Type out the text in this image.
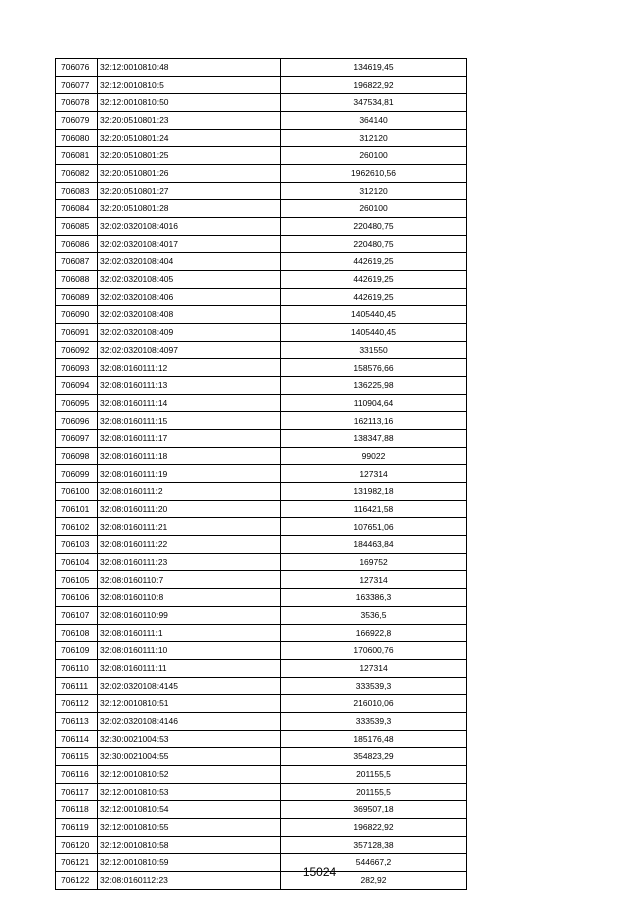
706076	32:12:0010810:48	134619,45
706077	32:12:0010810:5	196822,92
706078	32:12:0010810:50	347534,81
706079	32:20:0510801:23	364140
706080	32:20:0510801:24	312120
706081	32:20:0510801:25	260100
706082	32:20:0510801:26	1962610,56
706083	32:20:0510801:27	312120
706084	32:20:0510801:28	260100
706085	32:02:0320108:4016	220480,75
706086	32:02:0320108:4017	220480,75
706087	32:02:0320108:404	442619,25
706088	32:02:0320108:405	442619,25
706089	32:02:0320108:406	442619,25
706090	32:02:0320108:408	1405440,45
706091	32:02:0320108:409	1405440,45
706092	32:02:0320108:4097	331550
706093	32:08:0160111:12	158576,66
706094	32:08:0160111:13	136225,98
706095	32:08:0160111:14	110904,64
706096	32:08:0160111:15	162113,16
706097	32:08:0160111:17	138347,88
706098	32:08:0160111:18	99022
706099	32:08:0160111:19	127314
706100	32:08:0160111:2	131982,18
706101	32:08:0160111:20	116421,58
706102	32:08:0160111:21	107651,06
706103	32:08:0160111:22	184463,84
706104	32:08:0160111:23	169752
706105	32:08:0160110:7	127314
706106	32:08:0160110:8	163386,3
706107	32:08:0160110:99	3536,5
706108	32:08:0160111:1	166922,8
706109	32:08:0160111:10	170600,76
706110	32:08:0160111:11	127314
706111	32:02:0320108:4145	333539,3
706112	32:12:0010810:51	216010,06
706113	32:02:0320108:4146	333539,3
706114	32:30:0021004:53	185176,48
706115	32:30:0021004:55	354823,29
706116	32:12:0010810:52	201155,5
706117	32:12:0010810:53	201155,5
706118	32:12:0010810:54	369507,18
706119	32:12:0010810:55	196822,92
706120	32:12:0010810:58	357128,38
706121	32:12:0010810:59	544667,2
706122	32:08:0160112:23	282,92
15024
